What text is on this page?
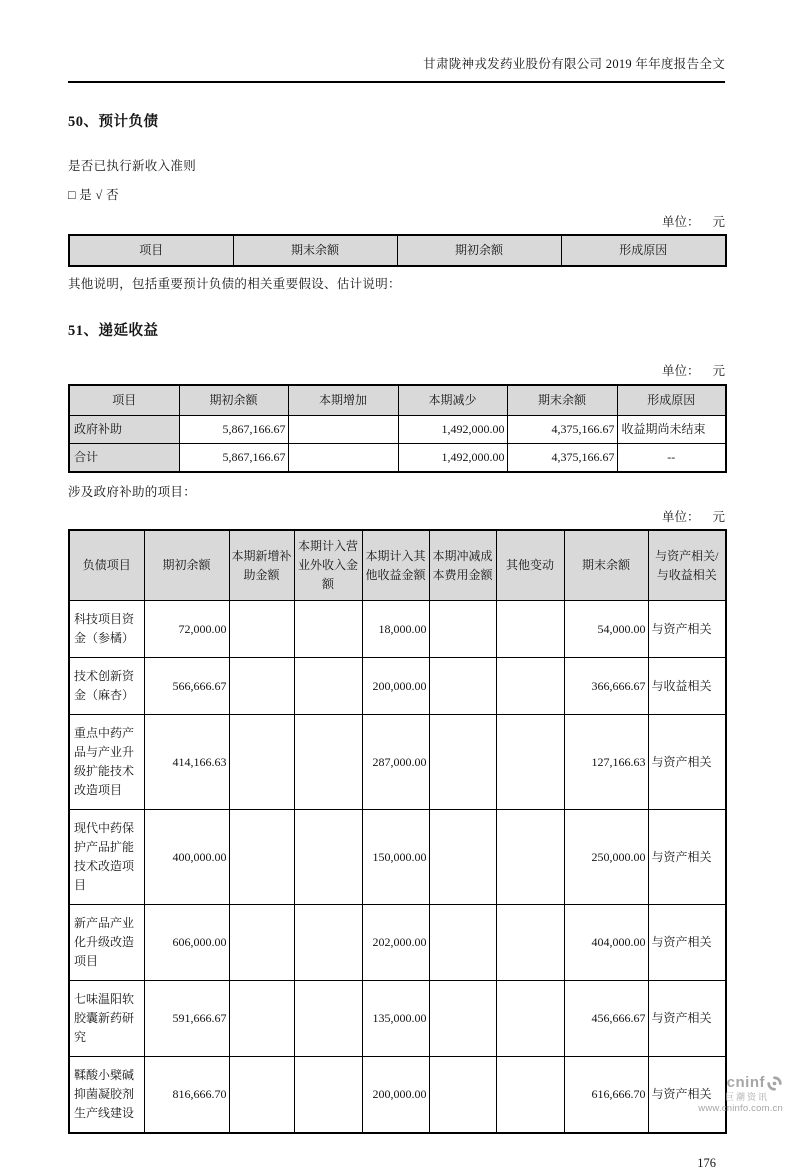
甘肃陇神戎发药业股份有限公司 2019 年年度报告全文
50、预计负债
是否已执行新收入准则
□ 是 √ 否
单位： 元
项目	期末余额	期初余额	形成原因
其他说明，包括重要预计负债的相关重要假设、估计说明：
51、递延收益
单位： 元
项目	期初余额	本期增加	本期减少	期末余额	形成原因
政府补助	5,867,166.67		1,492,000.00	4,375,166.67	收益期尚未结束
合计	5,867,166.67		1,492,000.00	4,375,166.67	--
涉及政府补助的项目：
单位： 元
负债项目	期初余额	本期新增补助金额	本期计入营业外收入金额	本期计入其他收益金额	本期冲减成本费用金额	其他变动	期末余额	与资产相关/与收益相关
科技项目资金（参橘）	72,000.00			18,000.00			54,000.00	与资产相关
技术创新资金（麻杏）	566,666.67			200,000.00			366,666.67	与收益相关
重点中药产品与产业升级扩能技术改造项目	414,166.63			287,000.00			127,166.63	与资产相关
现代中药保护产品扩能技术改造项目	400,000.00			150,000.00			250,000.00	与资产相关
新产品产业化升级改造项目	606,000.00			202,000.00			404,000.00	与资产相关
七味温阳软胶囊新药研究	591,666.67			135,000.00			456,666.67	与资产相关
鞣酸小檗碱抑菌凝胶剂生产线建设	816,666.70			200,000.00			616,666.70	与资产相关
176
cninf
巨潮资讯
www.cninfo.com.cn
